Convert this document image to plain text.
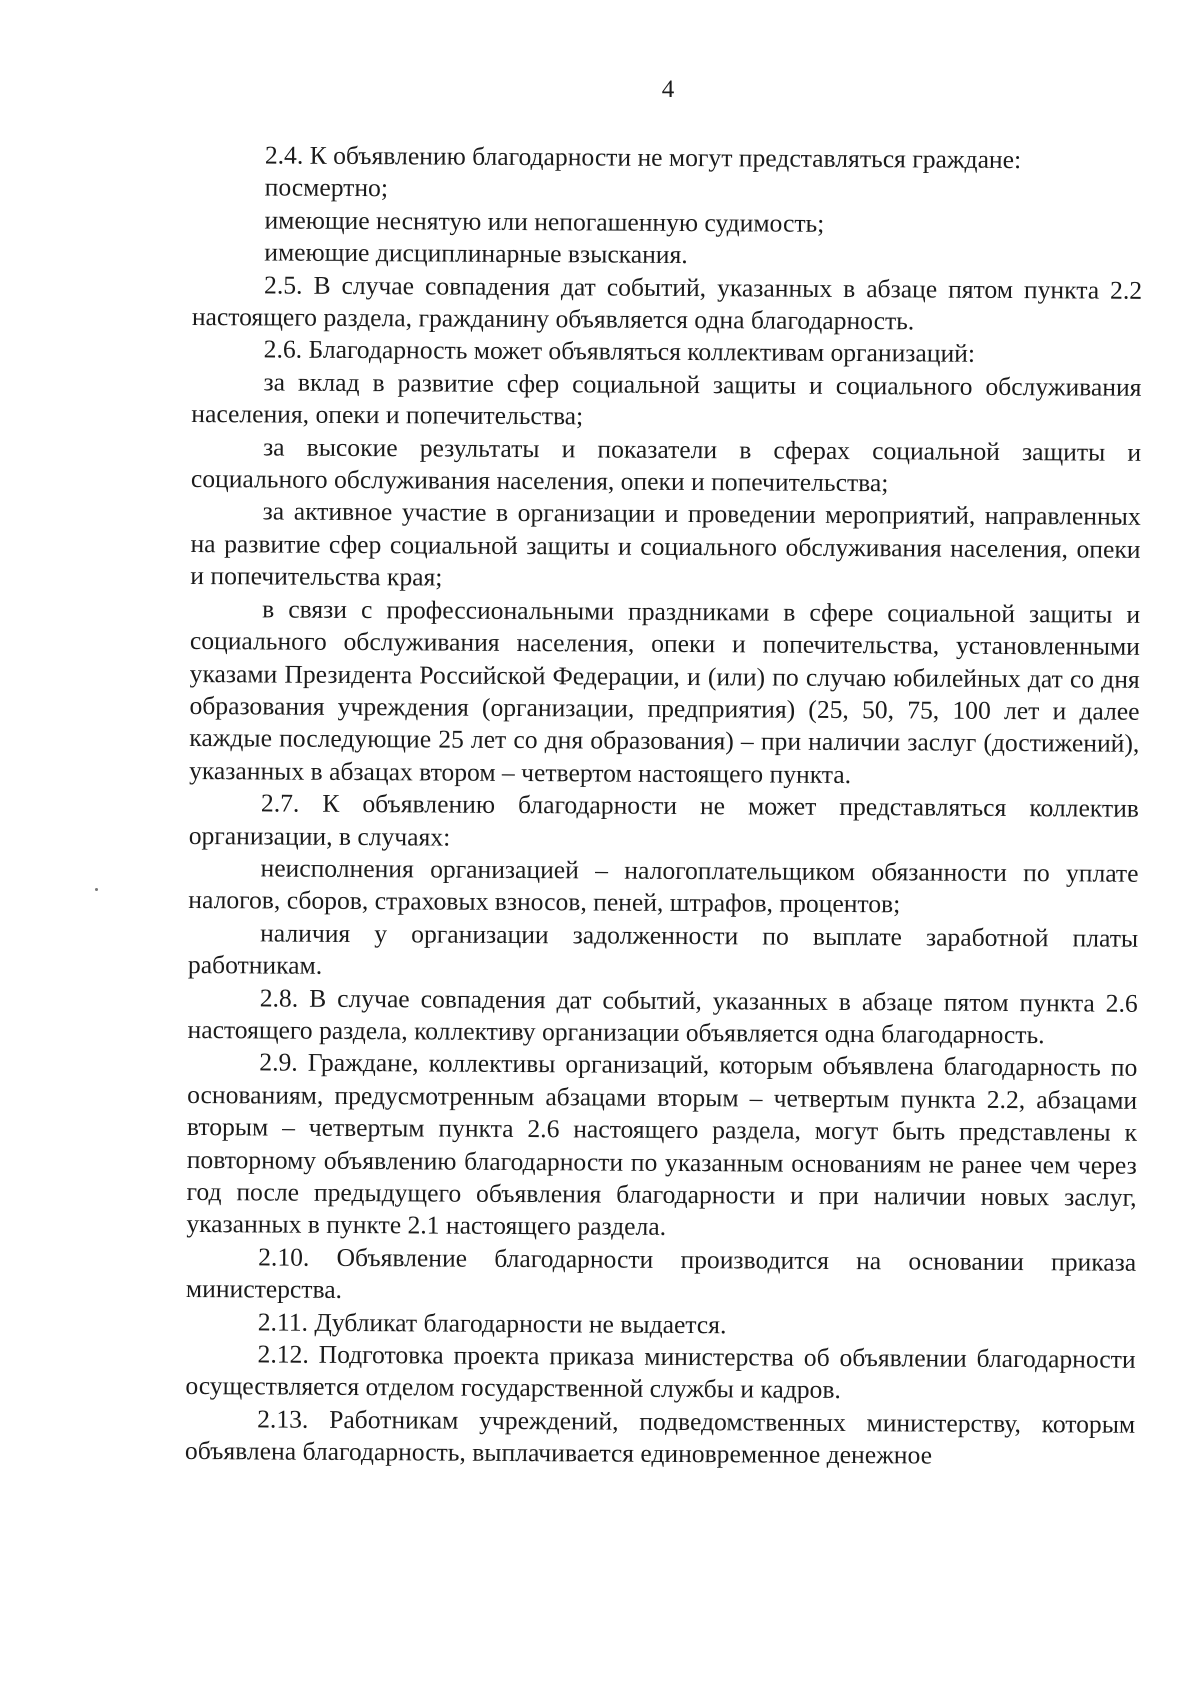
4

2.4. К объявлению благодарности не могут представляться граждане:

посмертно;

имеющие неснятую или непогашенную судимость;

имеющие дисциплинарные взыскания.

2.5. В случае совпадения дат событий, указанных в абзаце пятом пункта 2.2 настоящего раздела, гражданину объявляется одна благодарность.

2.6. Благодарность может объявляться коллективам организаций:

за вклад в развитие сфер социальной защиты и социального обслуживания населения, опеки и попечительства;

за высокие результаты и показатели в сферах социальной защиты и социального обслуживания населения, опеки и попечительства;

за активное участие в организации и проведении мероприятий, направленных на развитие сфер социальной защиты и социального обслуживания населения, опеки и попечительства края;

в связи с профессиональными праздниками в сфере социальной защиты и социального обслуживания населения, опеки и попечительства, установленными указами Президента Российской Федерации, и (или) по случаю юбилейных дат со дня образования учреждения (организации, предприятия) (25, 50, 75, 100 лет и далее каждые последующие 25 лет со дня образования) – при наличии заслуг (достижений), указанных в абзацах втором – четвертом настоящего пункта.

2.7. К объявлению благодарности не может представляться коллектив организации, в случаях:

неисполнения организацией – налогоплательщиком обязанности по уплате налогов, сборов, страховых взносов, пеней, штрафов, процентов;

наличия у организации задолженности по выплате заработной платы работникам.

2.8. В случае совпадения дат событий, указанных в абзаце пятом пункта 2.6 настоящего раздела, коллективу организации объявляется одна благодарность.

2.9. Граждане, коллективы организаций, которым объявлена благодарность по основаниям, предусмотренным абзацами вторым – четвертым пункта 2.2, абзацами вторым – четвертым пункта 2.6 настоящего раздела, могут быть представлены к повторному объявлению благодарности по указанным основаниям не ранее чем через год после предыдущего объявления благодарности и при наличии новых заслуг, указанных в пункте 2.1 настоящего раздела.

2.10. Объявление благодарности производится на основании приказа министерства.

2.11. Дубликат благодарности не выдается.

2.12. Подготовка проекта приказа министерства об объявлении благодарности осуществляется отделом государственной службы и кадров.

2.13. Работникам учреждений, подведомственных министерству, которым объявлена благодарность, выплачивается единовременное денежное
